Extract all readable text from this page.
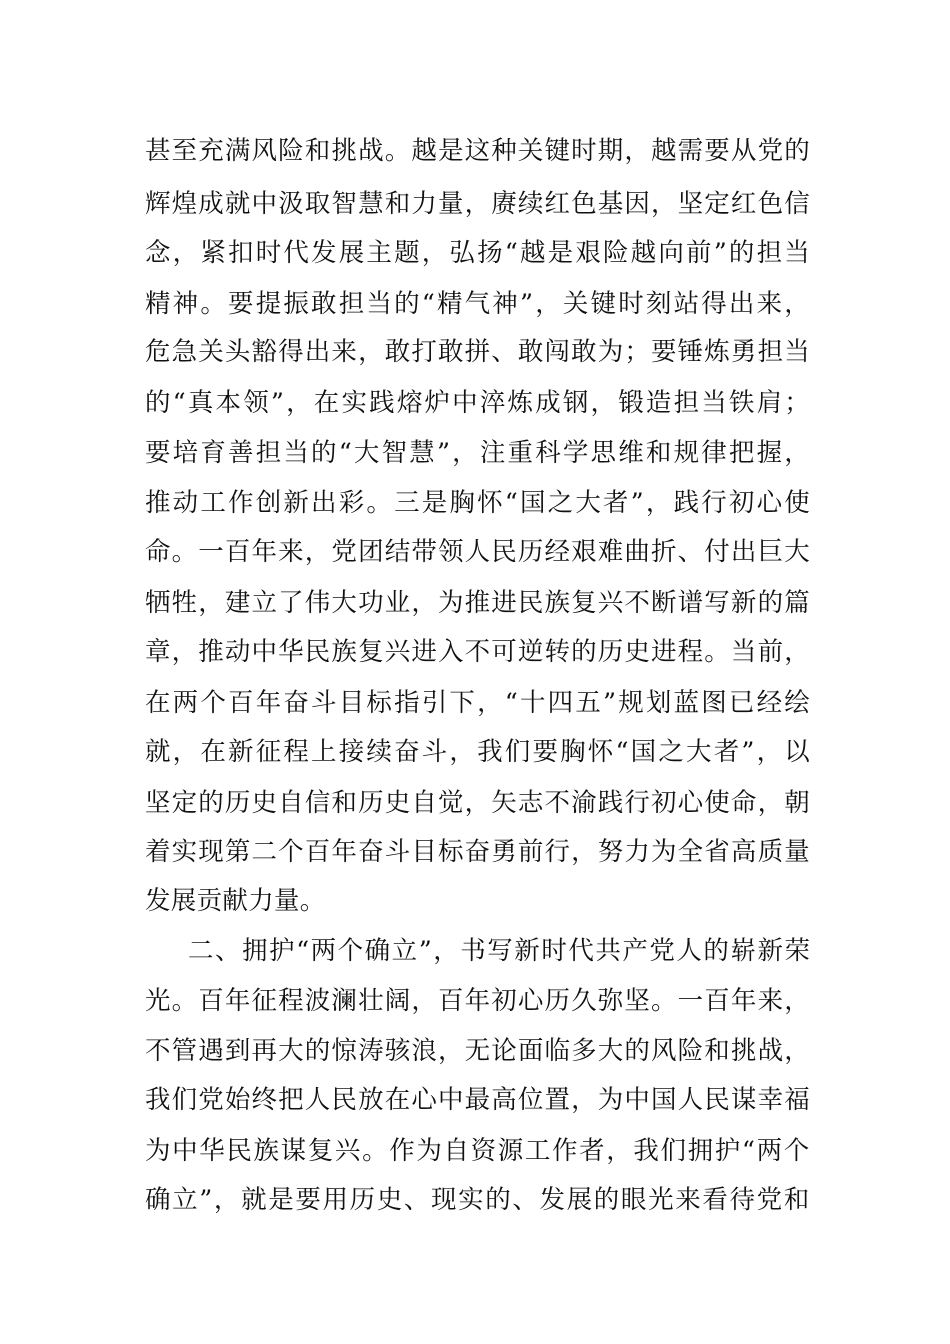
甚至充满风险和挑战。越是这种关键时期，越需要从党的
辉煌成就中汲取智慧和力量，赓续红色基因，坚定红色信
念，紧扣时代发展主题，弘扬“越是艰险越向前”的担当
精神。要提振敢担当的“精气神”，关键时刻站得出来，
危急关头豁得出来，敢打敢拼、敢闯敢为；要锤炼勇担当
的“真本领”，在实践熔炉中淬炼成钢，锻造担当铁肩；
要培育善担当的“大智慧”，注重科学思维和规律把握，
推动工作创新出彩。三是胸怀“国之大者”，践行初心使
命。一百年来，党团结带领人民历经艰难曲折、付出巨大
牺牲，建立了伟大功业，为推进民族复兴不断谱写新的篇
章，推动中华民族复兴进入不可逆转的历史进程。当前，
在两个百年奋斗目标指引下，“十四五”规划蓝图已经绘
就，在新征程上接续奋斗，我们要胸怀“国之大者”，以
坚定的历史自信和历史自觉，矢志不渝践行初心使命，朝
着实现第二个百年奋斗目标奋勇前行，努力为全省高质量
发展贡献力量。
二、拥护“两个确立”，书写新时代共产党人的崭新荣
光。百年征程波澜壮阔，百年初心历久弥坚。一百年来，
不管遇到再大的惊涛骇浪，无论面临多大的风险和挑战，
我们党始终把人民放在心中最高位置，为中国人民谋幸福
为中华民族谋复兴。作为自资源工作者，我们拥护“两个
确立”，就是要用历史、现实的、发展的眼光来看待党和
